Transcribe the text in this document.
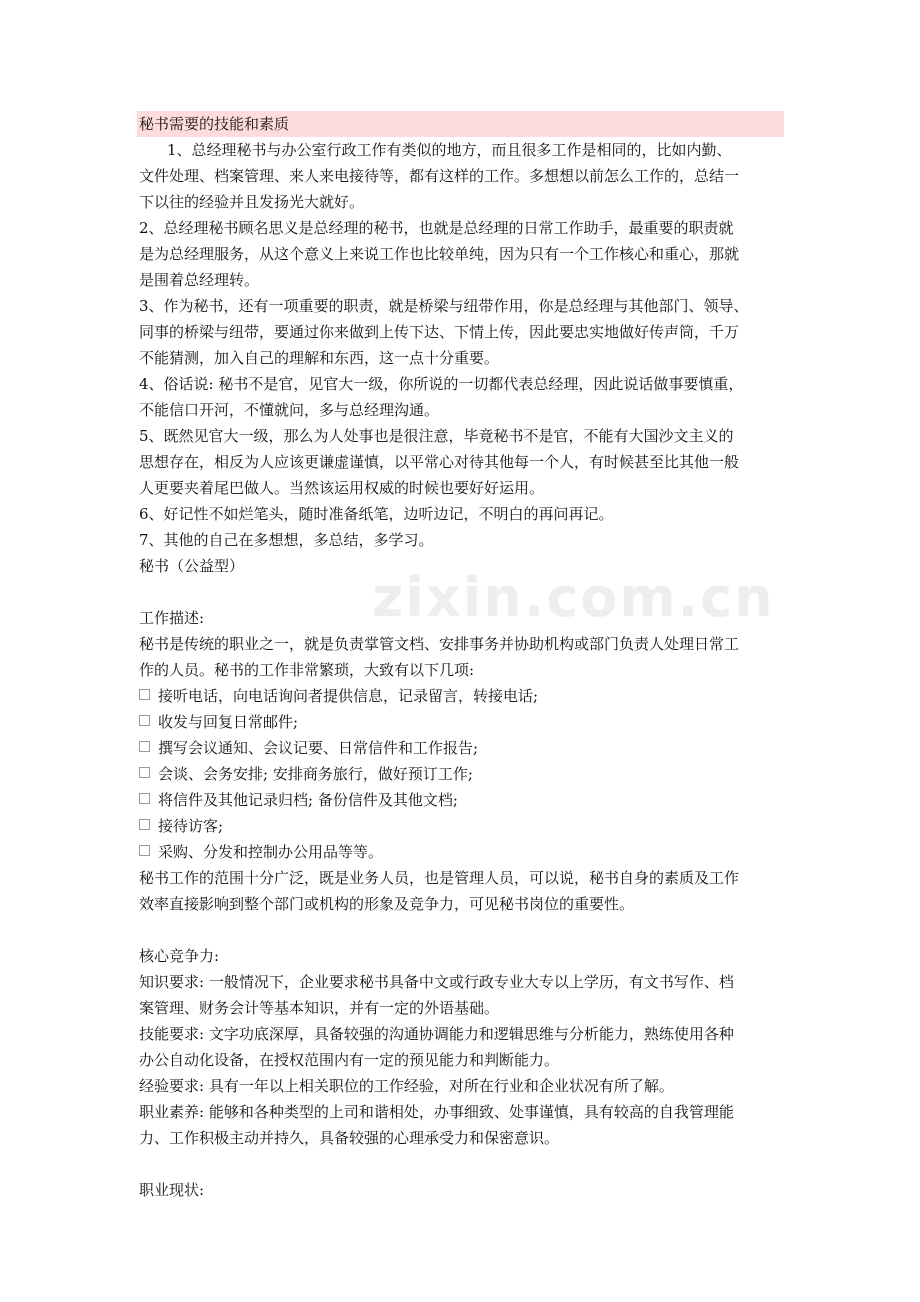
zixin.com.cn
秘书需要的技能和素质
1、总经理秘书与办公室行政工作有类似的地方，而且很多工作是相同的，比如内勤、
文件处理、档案管理、来人来电接待等，都有这样的工作。多想想以前怎么工作的，总结一
下以往的经验并且发扬光大就好。
2、总经理秘书顾名思义是总经理的秘书，也就是总经理的日常工作助手，最重要的职责就
是为总经理服务，从这个意义上来说工作也比较单纯，因为只有一个工作核心和重心，那就
是围着总经理转。
3、作为秘书，还有一项重要的职责，就是桥梁与纽带作用，你是总经理与其他部门、领导、
同事的桥梁与纽带，要通过你来做到上传下达、下情上传，因此要忠实地做好传声筒，千万
不能猜测，加入自己的理解和东西，这一点十分重要。
4、俗话说: 秘书不是官，见官大一级，你所说的一切都代表总经理，因此说话做事要慎重，
不能信口开河，不懂就问，多与总经理沟通。
5、既然见官大一级，那么为人处事也是很注意，毕竟秘书不是官，不能有大国沙文主义的
思想存在，相反为人应该更谦虚谨慎，以平常心对待其他每一个人，有时候甚至比其他一般
人更要夹着尾巴做人。当然该运用权威的时候也要好好运用。
6、好记性不如烂笔头，随时准备纸笔，边听边记，不明白的再问再记。
7、其他的自己在多想想，多总结，多学习。
秘书（公益型）
工作描述:
秘书是传统的职业之一，就是负责掌管文档、安排事务并协助机构或部门负责人处理日常工
作的人员。秘书的工作非常繁琐，大致有以下几项:
接听电话，向电话询问者提供信息，记录留言，转接电话;
收发与回复日常邮件;
撰写会议通知、会议记要、日常信件和工作报告;
会谈、会务安排; 安排商务旅行，做好预订工作;
将信件及其他记录归档; 备份信件及其他文档;
接待访客;
采购、分发和控制办公用品等等。
秘书工作的范围十分广泛，既是业务人员，也是管理人员，可以说，秘书自身的素质及工作
效率直接影响到整个部门或机构的形象及竞争力，可见秘书岗位的重要性。
核心竞争力:
知识要求: 一般情况下，企业要求秘书具备中文或行政专业大专以上学历，有文书写作、档
案管理、财务会计等基本知识，并有一定的外语基础。
技能要求: 文字功底深厚，具备较强的沟通协调能力和逻辑思维与分析能力，熟练使用各种
办公自动化设备，在授权范围内有一定的预见能力和判断能力。
经验要求: 具有一年以上相关职位的工作经验，对所在行业和企业状况有所了解。
职业素养: 能够和各种类型的上司和谐相处，办事细致、处事谨慎，具有较高的自我管理能
力、工作积极主动并持久，具备较强的心理承受力和保密意识。
职业现状:
